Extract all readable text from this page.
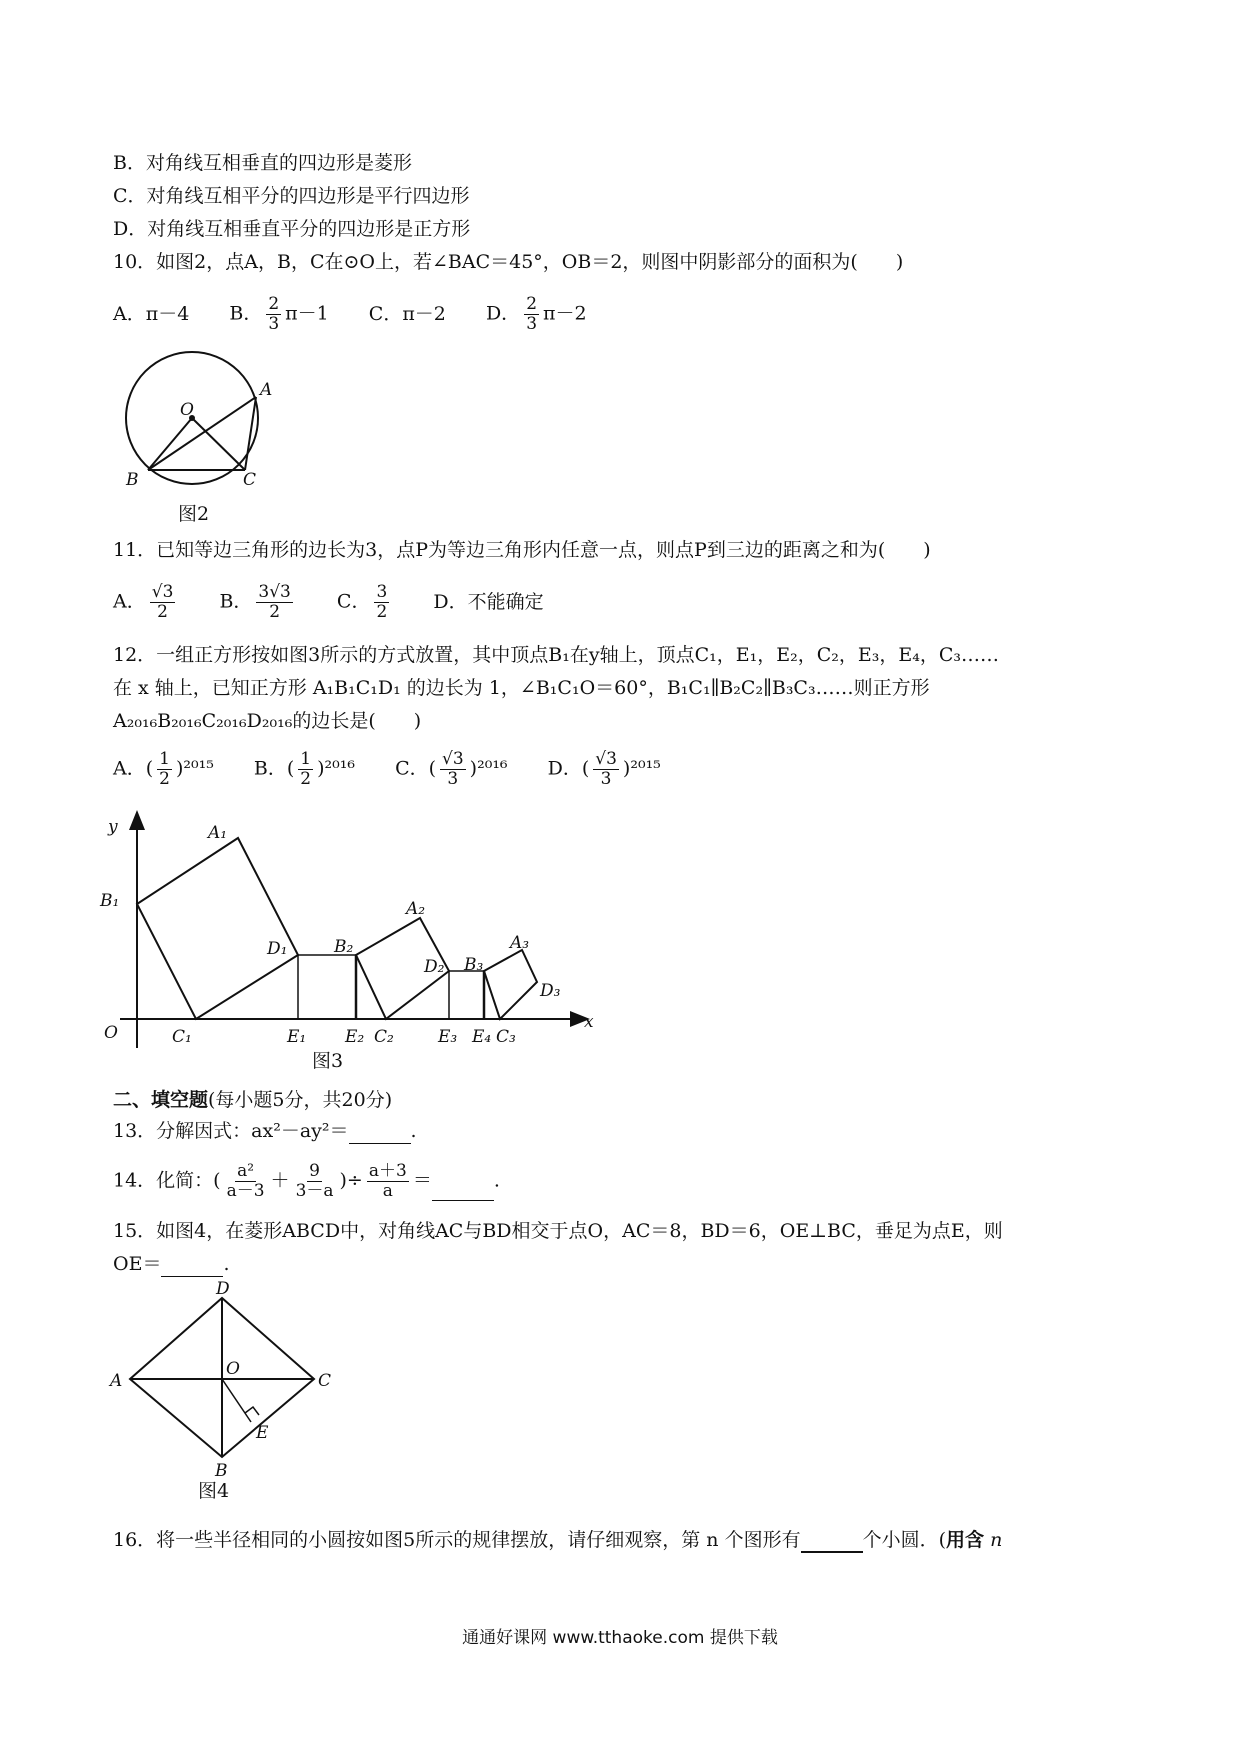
B．对角线互相垂直的四边形是菱形
C．对角线互相平分的四边形是平行四边形
D．对角线互相垂直平分的四边形是正方形
10．如图2，点A，B，C在⊙O上，若∠BAC＝45°，OB＝2，则图中阴影部分的面积为(　　)
A．π－4 B． $\frac{2}{3} \pi-1$ C．π－2 D． $\frac{2}{3} \pi-2$
O
A
B	C
图2
11．已知等边三角形的边长为3，点P为等边三角形内任意一点，则点P到三边的距离之和为(　　)
A． $\frac{√3}{2}$ B． $\frac{3√3}{2}$ C． $\frac{3}{2}$ D．不能确定
12．一组正方形按如图3所示的方式放置，其中顶点B₁在y轴上，顶点C₁，E₁，E₂，C₂，E₃，E₄，C₃……
在 x 轴上，已知正方形 A₁B₁C₁D₁ 的边长为 1，∠B₁C₁O＝60°，B₁C₁∥B₂C₂∥B₃C₃……则正方形
A₂₀₁₆B₂₀₁₆C₂₀₁₆D₂₀₁₆的边长是(　　)
A．( $\frac{1}{2} )^{2015}$ B．( $\frac{1}{2} )^{2016}$ C．( $\frac{√3}{3} )^{2016}$ D．( $\frac{√3}{3} )^{2015}$
y
x
O
A₁
B₁
C₁
D₁
E₁ E₂
B₂
A₂
C₂
D₂
E₃ E₄
B₃
A₃
C₃
D₃
图3
二、填空题(每小题5分，共20分)
13．分解因式：ax²－ay²＝	.
14．化简：( $\frac{\text{a²}}{a-3} + \frac{9}{3-a}$ )÷ $\frac{a+3}{a}$ ＝	.
15．如图4，在菱形ABCD中，对角线AC与BD相交于点O，AC＝8，BD＝6，OE⊥BC，垂足为点E，则
OE＝	.
D
A
O
C
E
B
图4
16．将一些半径相同的小圆按如图5所示的规律摆放，请仔细观察，第 n 个图形有	个小圆．(用含 n
通通好课网 www.tthaoke.com 提供下载
